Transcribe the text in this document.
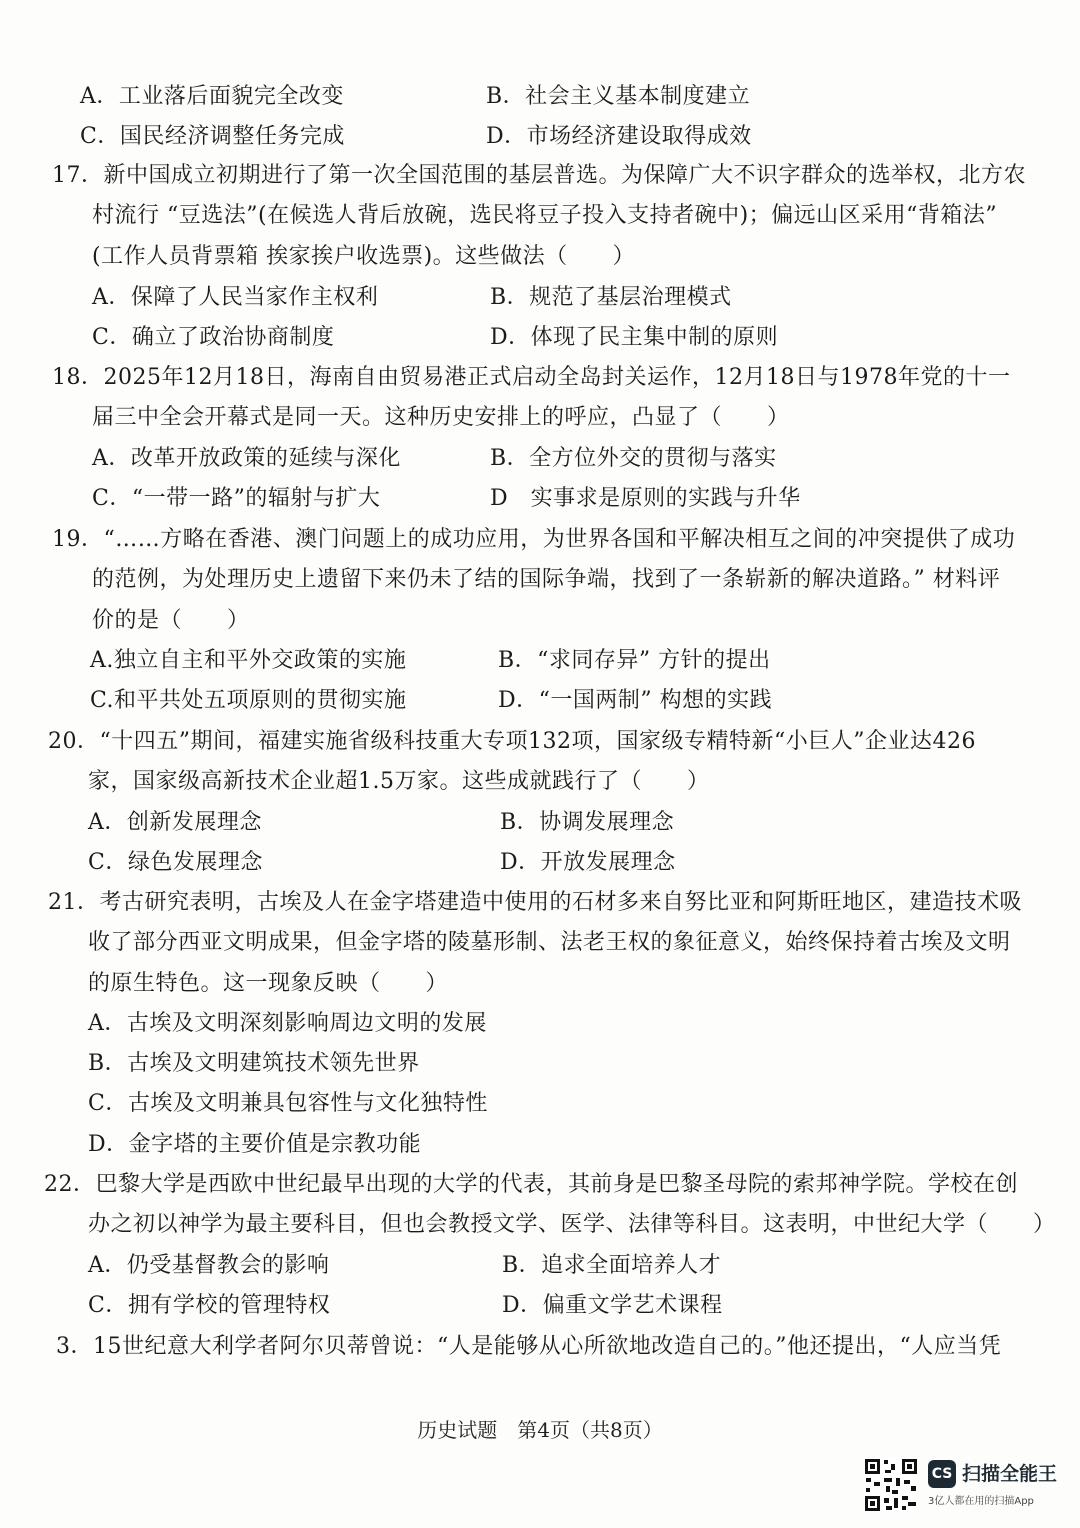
A．工业落后面貌完全改变	B．社会主义基本制度建立
C．国民经济调整任务完成	D．市场经济建设取得成效
17．新中国成立初期进行了第一次全国范围的基层普选。为保障广大不识字群众的选举权，北方农
村流行 “豆选法”(在候选人背后放碗，选民将豆子投入支持者碗中)；偏远山区采用“背箱法”
(工作人员背票箱 挨家挨户收选票)。这些做法（　　）
A．保障了人民当家作主权利	B．规范了基层治理模式
C．确立了政治协商制度	D．体现了民主集中制的原则
18．2025年12月18日，海南自由贸易港正式启动全岛封关运作，12月18日与1978年党的十一
届三中全会开幕式是同一天。这种历史安排上的呼应，凸显了（　　）
A．改革开放政策的延续与深化	B．全方位外交的贯彻与落实
C．“一带一路”的辐射与扩大	D　实事求是原则的实践与升华
19．“……方略在香港、澳门问题上的成功应用，为世界各国和平解决相互之间的冲突提供了成功
的范例，为处理历史上遗留下来仍未了结的国际争端，找到了一条崭新的解决道路。” 材料评
价的是（　　）
A.独立自主和平外交政策的实施	B．“求同存异” 方针的提出
C.和平共处五项原则的贯彻实施	D．“一国两制” 构想的实践
20．“十四五”期间，福建实施省级科技重大专项132项，国家级专精特新“小巨人”企业达426
家，国家级高新技术企业超1.5万家。这些成就践行了（　　）
A．创新发展理念	B．协调发展理念
C．绿色发展理念	D．开放发展理念
21．考古研究表明，古埃及人在金字塔建造中使用的石材多来自努比亚和阿斯旺地区，建造技术吸
收了部分西亚文明成果，但金字塔的陵墓形制、法老王权的象征意义，始终保持着古埃及文明
的原生特色。这一现象反映（　　）
A．古埃及文明深刻影响周边文明的发展
B．古埃及文明建筑技术领先世界
C．古埃及文明兼具包容性与文化独特性
D．金字塔的主要价值是宗教功能
22．巴黎大学是西欧中世纪最早出现的大学的代表，其前身是巴黎圣母院的索邦神学院。学校在创
办之初以神学为最主要科目，但也会教授文学、医学、法律等科目。这表明，中世纪大学（　　）
A．仍受基督教会的影响	B．追求全面培养人才
C．拥有学校的管理特权	D．偏重文学艺术课程
3．15世纪意大利学者阿尔贝蒂曾说：“人是能够从心所欲地改造自己的。”他还提出，“人应当凭
历史试题　第4页（共8页）
CS 扫描全能王
3亿人都在用的扫描App
